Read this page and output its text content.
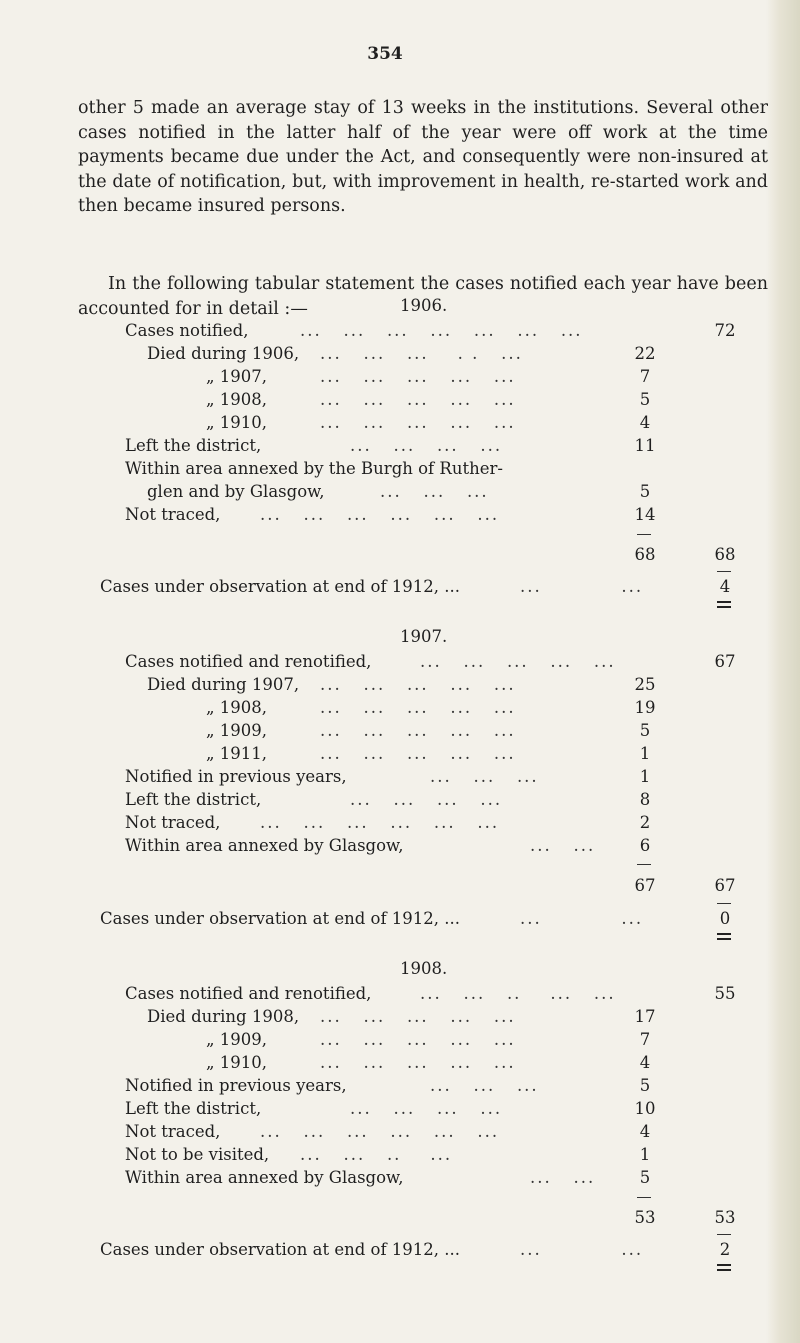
354

other 5 made an average stay of 13 weeks in the institutions. Several other cases notified in the latter half of the year were off work at the time payments became due under the Act, and consequently were non-insured at the date of notification, but, with improvement in health, re-started work and then became insured persons.

In the following tabular statement the cases notified each year have been accounted for in detail :—	1906.
Cases notified,	...   ...   ...   ...   ...   ...   ...	72
Died during 1906, ...   ...   ...    . .   ...	22
„ 1907,	...   ...   ...   ...   ...	7
„ 1908,	...   ...   ...   ...   ...	5
„ 1910,	...   ...   ...   ...   ...	4
Left the district,	...   ...   ...   ...	11
Within area annexed by the Burgh of Ruther-
glen and by Glasgow,	...   ...   ...	5
Not traced, ...   ...   ...   ...   ...   ...	14
68	68
Cases under observation at end of 1912, ...	...           ...	4
1907.
Cases notified and renotified,	...   ...   ...   ...   ...	67
Died during 1907, ...   ...   ...   ...   ...	25
„ 1908,	...   ...   ...   ...   ...	19
„ 1909,	...   ...   ...   ...   ...	5
„ 1911,	...   ...   ...   ...   ...	1
Notified in previous years,	...   ...   ...	1
Left the district,	...   ...   ...   ...	8
Not traced, ...   ...   ...   ...   ...   ...	2
Within area annexed by Glasgow,	...   ...	6
67	67
Cases under observation at end of 1912, ...	...           ...	0
1908.
Cases notified and renotified,	...   ...   ..    ...   ...	55
Died during 1908, ...   ...   ...   ...   ...	17
„ 1909,	...   ...   ...   ...   ...	7
„ 1910,	...   ...   ...   ...   ...	4
Notified in previous years,	...   ...   ...	5
Left the district,	...   ...   ...   ...	10
Not traced, ...   ...   ...   ...   ...   ...	4
Not to be visited, ...   ...   ..    ...	1
Within area annexed by Glasgow,	...   ...	5
53	53
Cases under observation at end of 1912, ...	...           ...	2
